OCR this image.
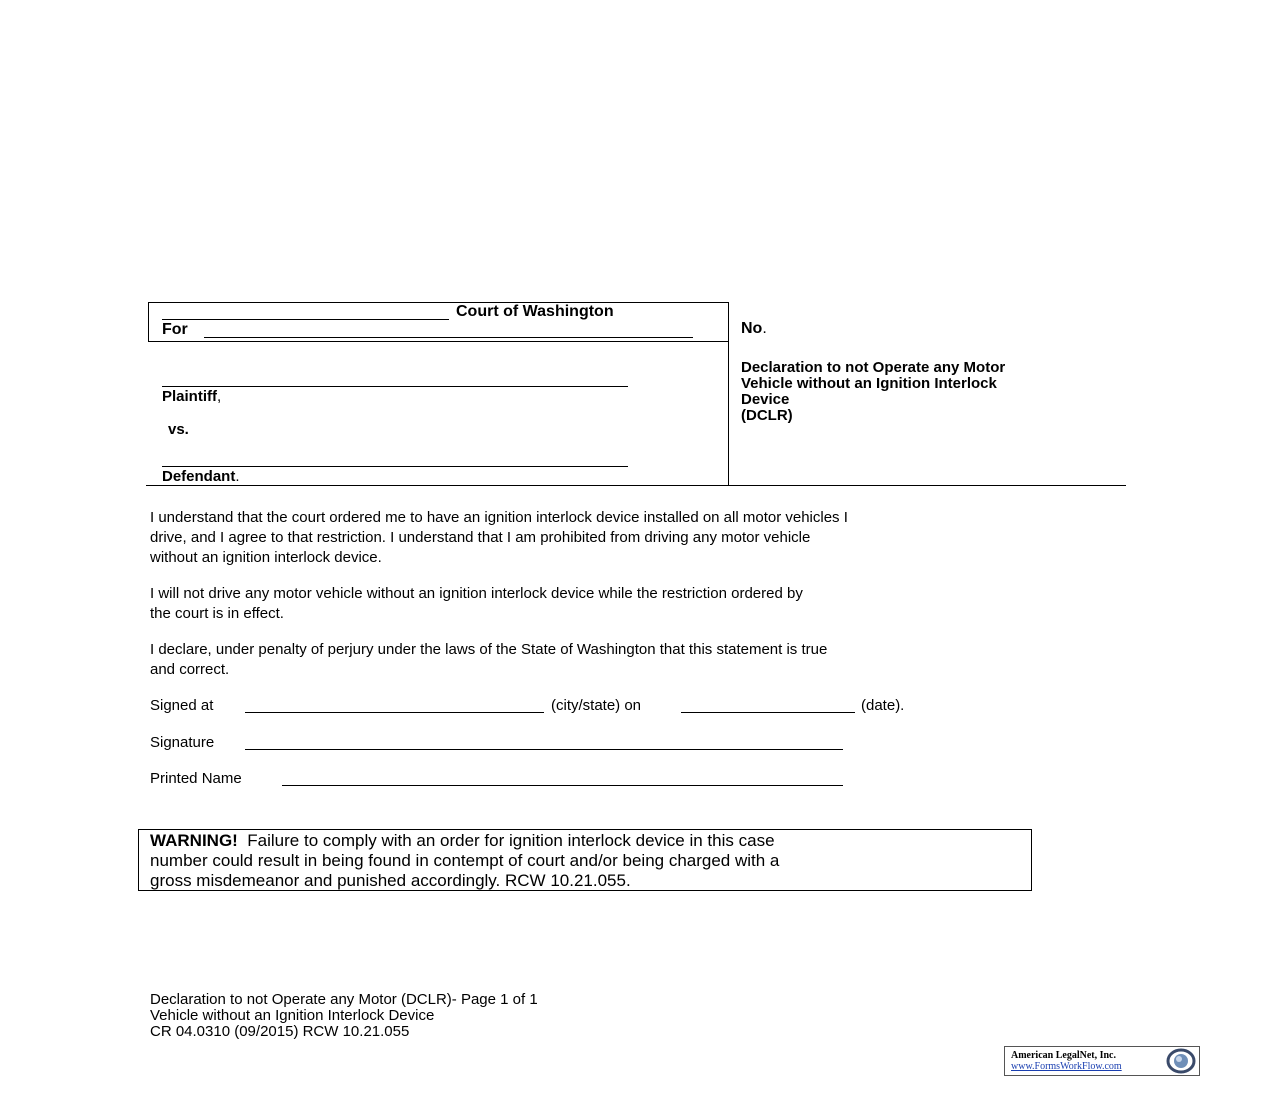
Court of Washington
For
Plaintiff,
vs.
Defendant.
No.
Declaration to not Operate any Motor
Vehicle without an Ignition Interlock
Device
(DCLR)
I understand that the court ordered me to have an ignition interlock device installed on all motor vehicles I
drive, and I agree to that restriction. I understand that I am prohibited from driving any motor vehicle
without an ignition interlock device.
I will not drive any motor vehicle without an ignition interlock device while the restriction ordered by
the court is in effect.
I declare, under penalty of perjury under the laws of the State of Washington that this statement is true
and correct.
Signed at	(city/state) on	(date).
Signature
Printed Name
WARNING! Failure to comply with an order for ignition interlock device in this case
number could result in being found in contempt of court and/or being charged with a
gross misdemeanor and punished accordingly. RCW 10.21.055.
Declaration to not Operate any Motor (DCLR)- Page 1 of 1
Vehicle without an Ignition Interlock Device
CR 04.0310 (09/2015) RCW 10.21.055
American LegalNet, Inc.
www.FormsWorkFlow.com
